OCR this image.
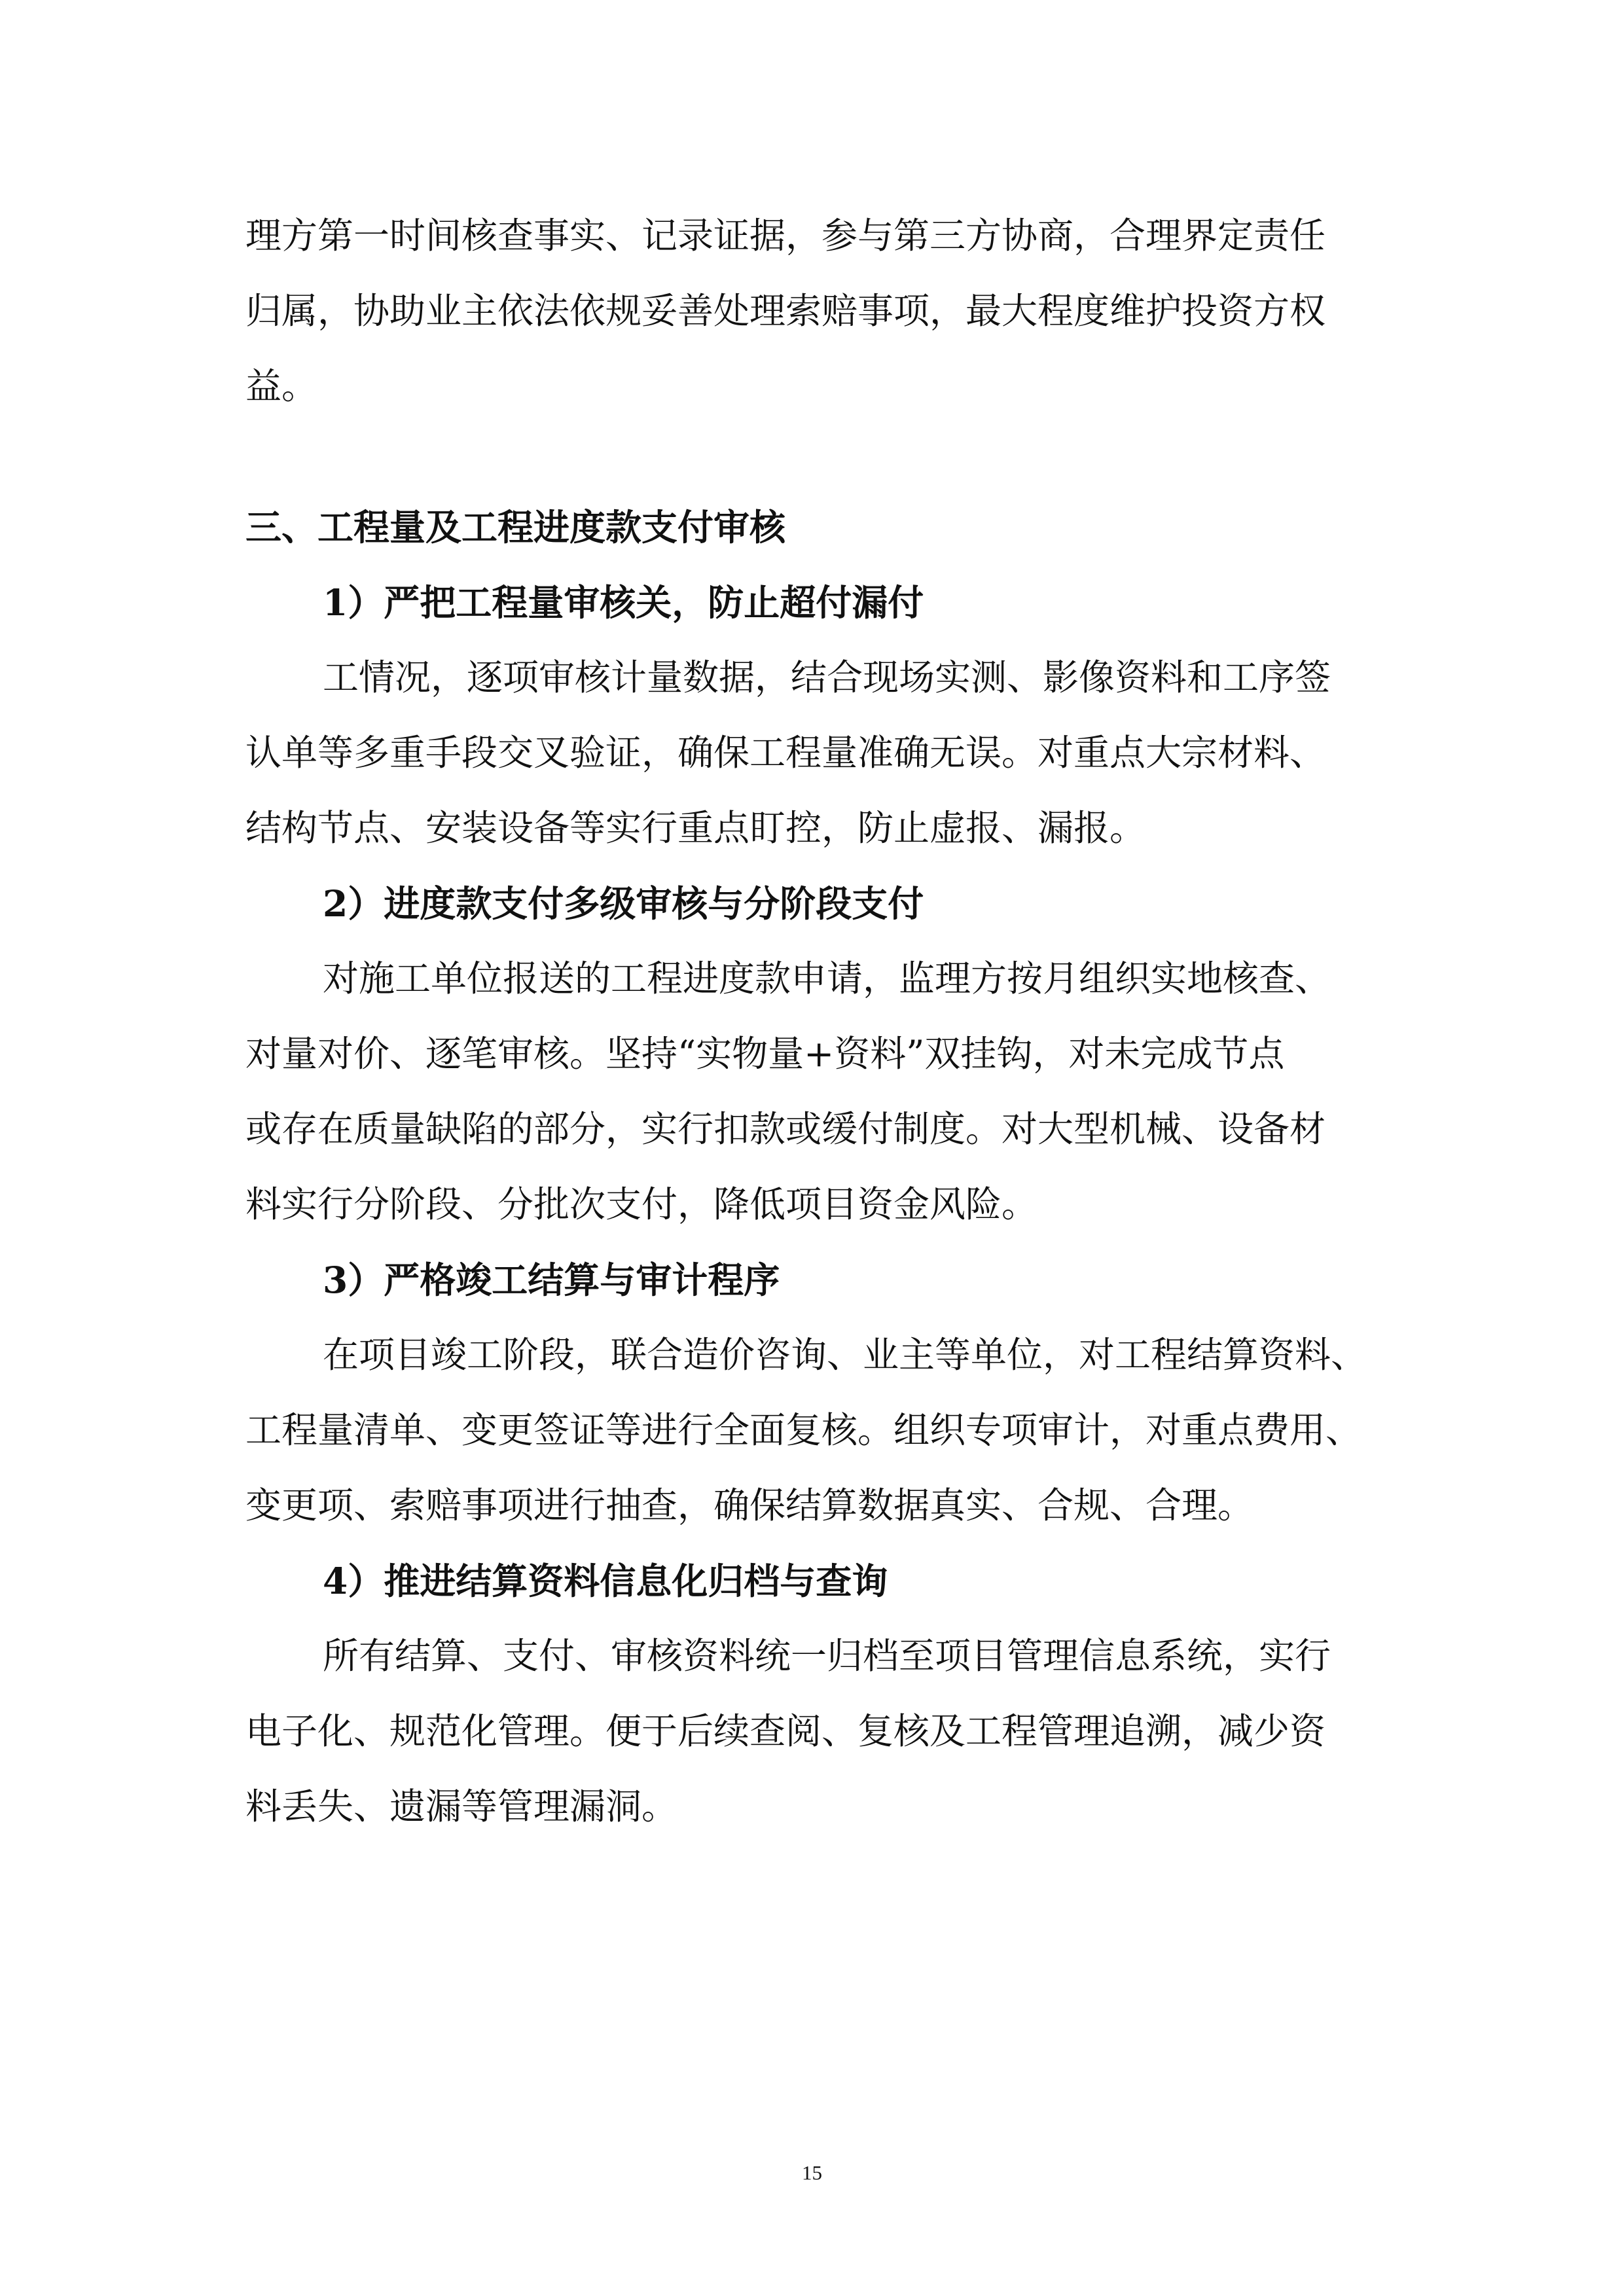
理方第一时间核查事实、记录证据，参与第三方协商，合理界定责任

归属，协助业主依法依规妥善处理索赔事项，最大程度维护投资方权

益。

三、工程量及工程进度款支付审核
1）严把工程量审核关，防止超付漏付

工情况，逐项审核计量数据，结合现场实测、影像资料和工序签

认单等多重手段交叉验证，确保工程量准确无误。对重点大宗材料、

结构节点、安装设备等实行重点盯控，防止虚报、漏报。

2）进度款支付多级审核与分阶段支付

对施工单位报送的工程进度款申请，监理方按月组织实地核查、

对量对价、逐笔审核。坚持“实物量+资料”双挂钩，对未完成节点

或存在质量缺陷的部分，实行扣款或缓付制度。对大型机械、设备材

料实行分阶段、分批次支付，降低项目资金风险。

3）严格竣工结算与审计程序

在项目竣工阶段，联合造价咨询、业主等单位，对工程结算资料、

工程量清单、变更签证等进行全面复核。组织专项审计，对重点费用、

变更项、索赔事项进行抽查，确保结算数据真实、合规、合理。

4）推进结算资料信息化归档与查询

所有结算、支付、审核资料统一归档至项目管理信息系统，实行

电子化、规范化管理。便于后续查阅、复核及工程管理追溯，减少资

料丢失、遗漏等管理漏洞。

15
